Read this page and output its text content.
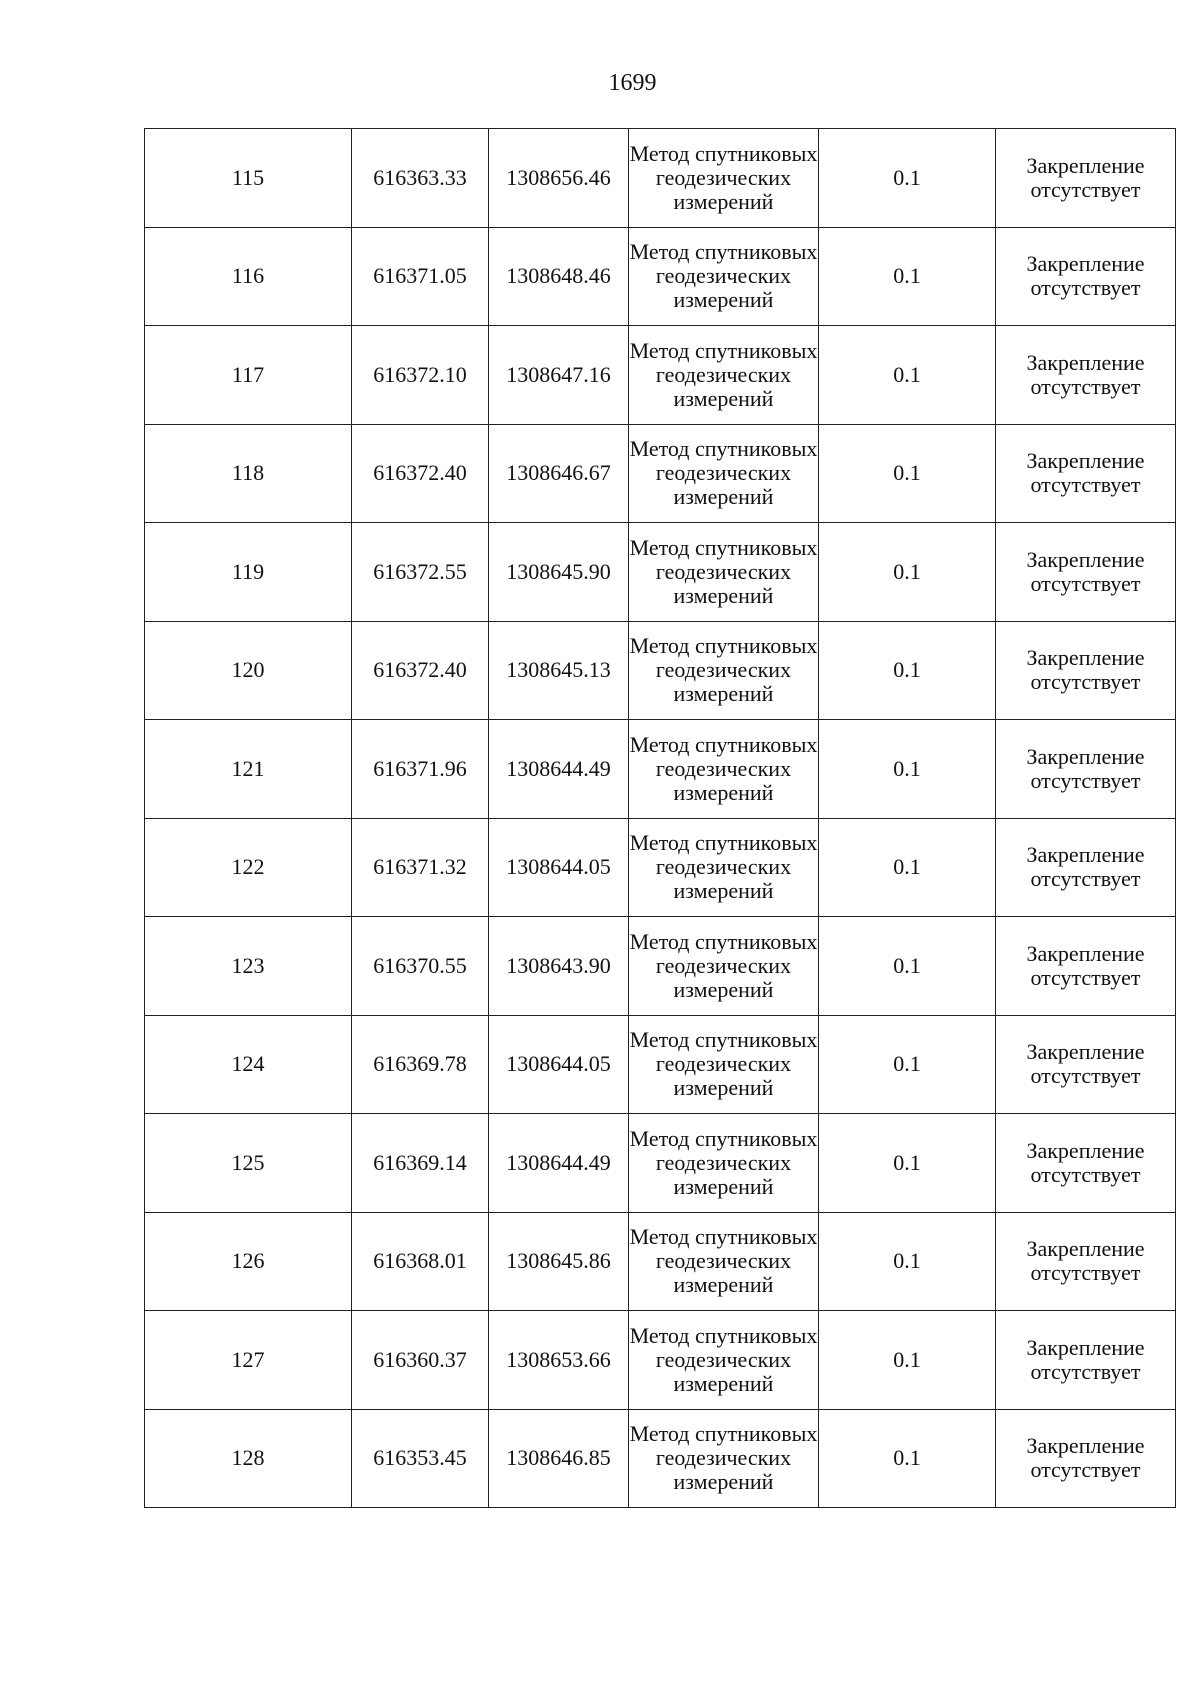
1699
115	616363.33	1308656.46	Метод спутниковых геодезических измерений	0.1	Закрепление отсутствует
116	616371.05	1308648.46	Метод спутниковых геодезических измерений	0.1	Закрепление отсутствует
117	616372.10	1308647.16	Метод спутниковых геодезических измерений	0.1	Закрепление отсутствует
118	616372.40	1308646.67	Метод спутниковых геодезических измерений	0.1	Закрепление отсутствует
119	616372.55	1308645.90	Метод спутниковых геодезических измерений	0.1	Закрепление отсутствует
120	616372.40	1308645.13	Метод спутниковых геодезических измерений	0.1	Закрепление отсутствует
121	616371.96	1308644.49	Метод спутниковых геодезических измерений	0.1	Закрепление отсутствует
122	616371.32	1308644.05	Метод спутниковых геодезических измерений	0.1	Закрепление отсутствует
123	616370.55	1308643.90	Метод спутниковых геодезических измерений	0.1	Закрепление отсутствует
124	616369.78	1308644.05	Метод спутниковых геодезических измерений	0.1	Закрепление отсутствует
125	616369.14	1308644.49	Метод спутниковых геодезических измерений	0.1	Закрепление отсутствует
126	616368.01	1308645.86	Метод спутниковых геодезических измерений	0.1	Закрепление отсутствует
127	616360.37	1308653.66	Метод спутниковых геодезических измерений	0.1	Закрепление отсутствует
128	616353.45	1308646.85	Метод спутниковых геодезических измерений	0.1	Закрепление отсутствует
